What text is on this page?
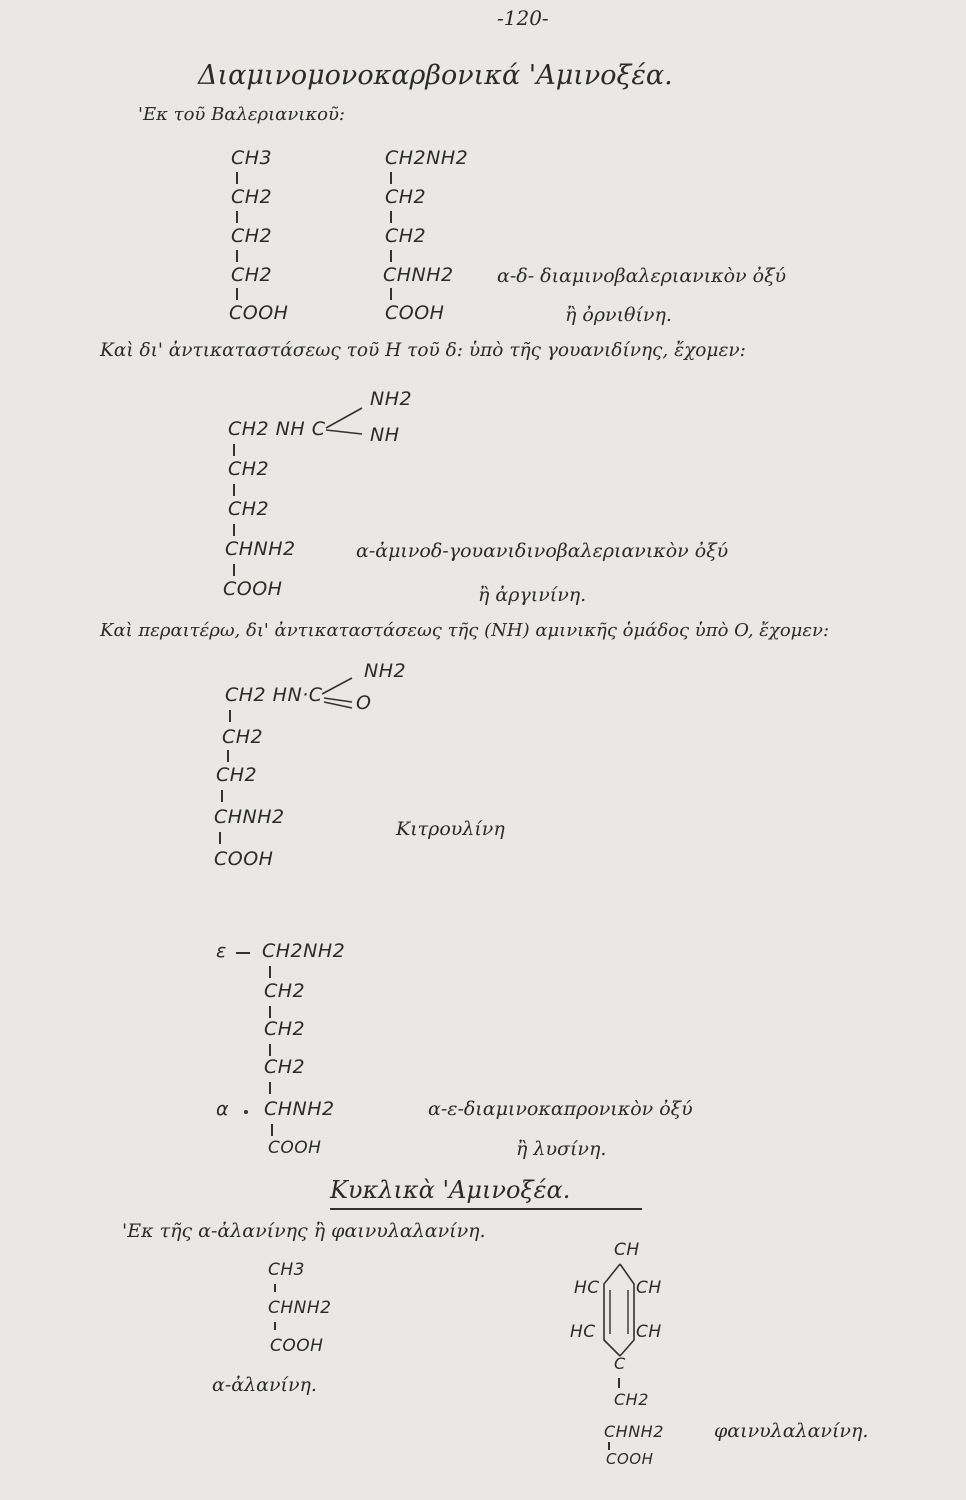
-120-
Διαμινομονοκαρβονικά 'Αμινοξέα.
'Εκ τοῦ Βαλεριανικοῦ:
CH3
CH2
CH2
CH2
COOH
CH2NH2
CH2
CH2
CHNH2
COOH
α-δ- διαμινοβαλεριανικὸν ὀξύ
ἢ ὀρνιθίνη.
Καὶ δι' ἀντικαταστάσεως τοῦ H τοῦ δ: ὑπὸ τῆς γουανιδίνης, ἔχομεν:
CH2 NH C
NH2
NH
CH2
CH2
CHNH2
COOH
α-ἀμινοδ-γουανιδινοβαλεριανικὸν ὀξύ
ἢ ἀργινίνη.
Καὶ περαιτέρω, δι' ἀντικαταστάσεως τῆς (NH) αμινικῆς ὁμάδος ὑπὸ O, ἔχομεν:
CH2 HN·C
NH2
O
CH2
CH2
CHNH2
COOH
Κιτρουλίνη
ε CH2NH2
CH2
CH2
CH2
α CHNH2
COOH
α-ε-διαμινοκαπρονικὸν ὀξύ
ἢ λυσίνη.
Κυκλικὰ 'Αμινοξέα.
'Εκ τῆς α-ἀλανίνης ἢ φαινυλαλανίνη.
CH3
CHNH2
COOH
α-ἀλανίνη.
CH
HC CH
HC CH
C
CH2
CHNH2
COOH
φαινυλαλανίνη.
